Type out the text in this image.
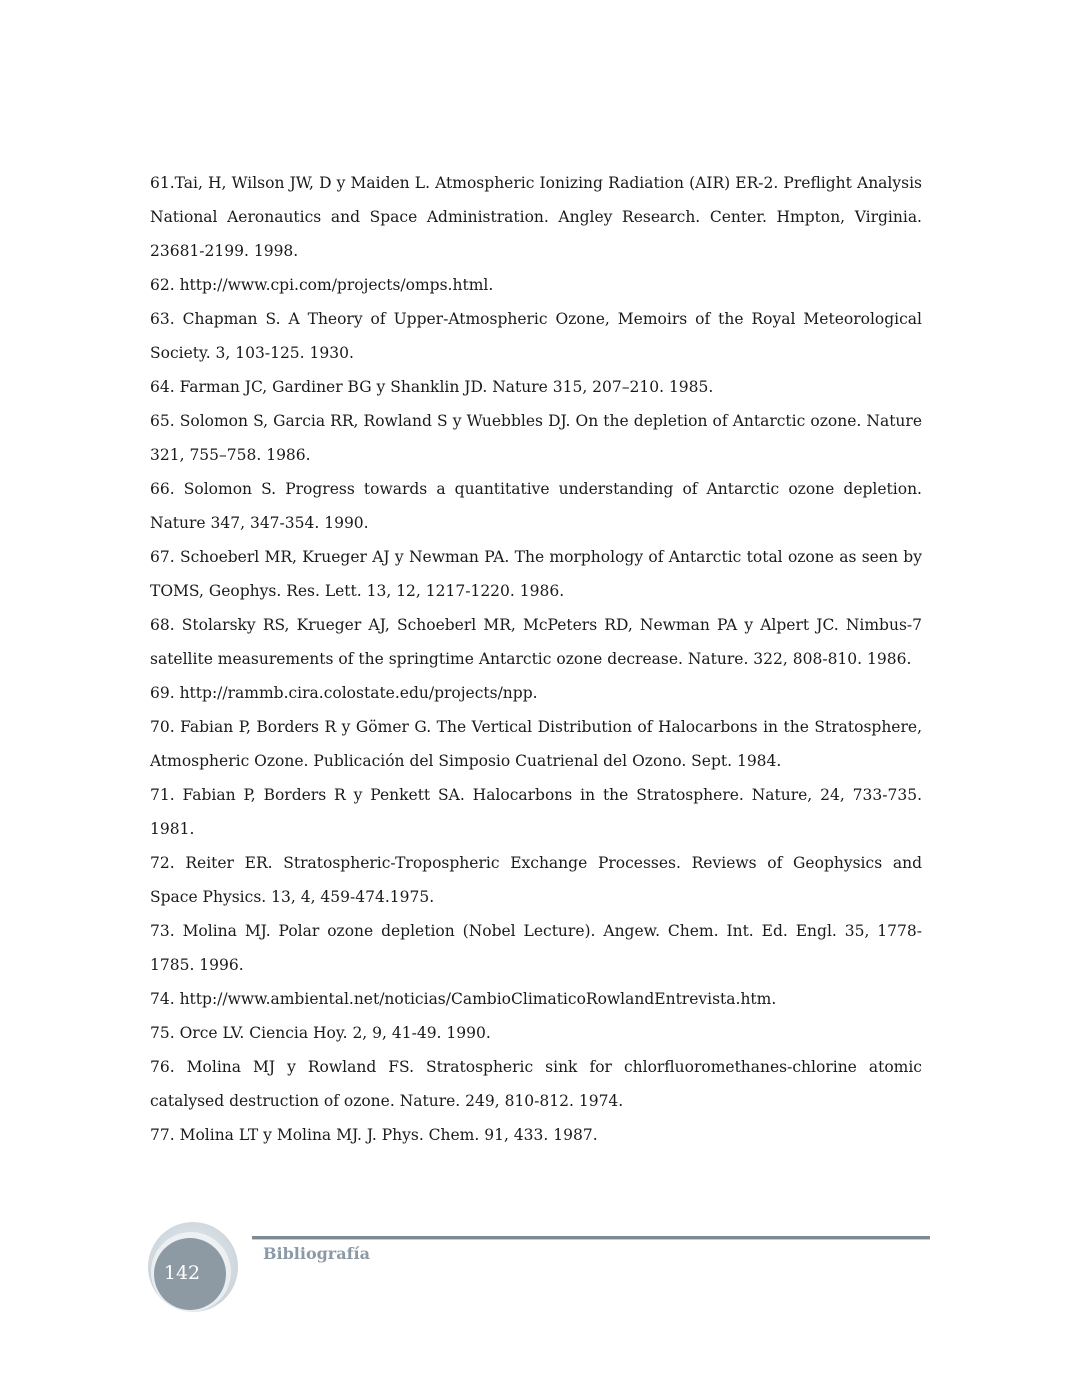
61.Tai, H, Wilson JW, D y Maiden L. Atmospheric Ionizing Radiation (AIR) ER-2. Preflight Analysis National Aeronautics and Space Administration. Angley Research. Center. Hmpton, Virginia. 23681-2199. 1998.
62. http://www.cpi.com/projects/omps.html.
63. Chapman S. A Theory of Upper-Atmospheric Ozone, Memoirs of the Royal Meteorological Society. 3, 103-125. 1930.
64. Farman JC, Gardiner BG y Shanklin JD. Nature 315, 207–210. 1985.
65. Solomon S, Garcia RR, Rowland S y Wuebbles DJ. On the depletion of Antarctic ozone. Nature 321, 755–758. 1986.
66. Solomon S. Progress towards a quantitative understanding of Antarctic ozone depletion. Nature 347, 347-354. 1990.
67. Schoeberl MR, Krueger AJ y Newman PA. The morphology of Antarctic total ozone as seen by TOMS, Geophys. Res. Lett. 13, 12, 1217-1220. 1986.
68. Stolarsky RS, Krueger AJ, Schoeberl MR, McPeters RD, Newman PA y Alpert JC. Nimbus-7 satellite measurements of the springtime Antarctic ozone decrease. Nature. 322, 808-810. 1986.
69. http://rammb.cira.colostate.edu/projects/npp.
70. Fabian P, Borders R y Gömer G. The Vertical Distribution of Halocarbons in the Stratosphere, Atmospheric Ozone. Publicación del Simposio Cuatrienal del Ozono. Sept. 1984.
71. Fabian P, Borders R y Penkett SA. Halocarbons in the Stratosphere. Nature, 24, 733-735. 1981.
72. Reiter ER. Stratospheric-Tropospheric Exchange Processes. Reviews of Geophysics and Space Physics. 13, 4, 459-474.1975.
73. Molina MJ. Polar ozone depletion (Nobel Lecture). Angew. Chem. Int. Ed. Engl. 35, 1778-1785. 1996.
74. http://www.ambiental.net/noticias/CambioClimaticoRowlandEntrevista.htm.
75. Orce LV. Ciencia Hoy. 2, 9, 41-49. 1990.
76. Molina MJ y Rowland FS. Stratospheric sink for chlorfluoromethanes-chlorine atomic catalysed destruction of ozone. Nature. 249, 810-812. 1974.
77. Molina LT y Molina MJ. J. Phys. Chem. 91, 433. 1987.
Bibliografía
142
